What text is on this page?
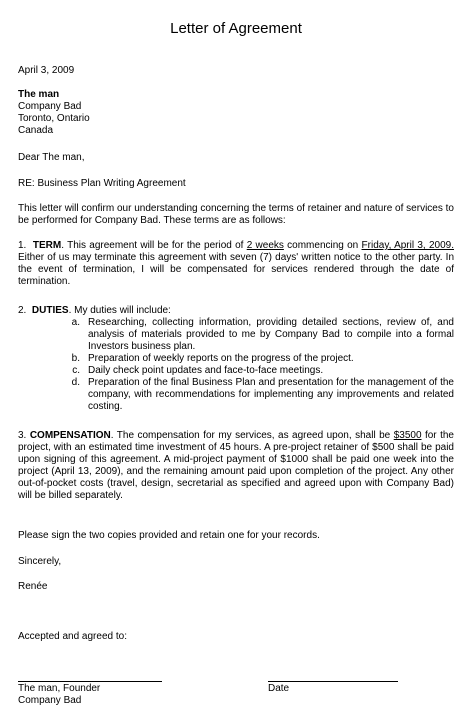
Letter of Agreement

April 3, 2009

The man

Company Bad

Toronto, Ontario

Canada

Dear The man,

RE: Business Plan Writing Agreement

This letter will confirm our understanding concerning the terms of retainer and nature of services to be performed for Company Bad. These terms are as follows:

1. TERM. This agreement will be for the period of 2 weeks commencing on Friday, April 3, 2009. Either of us may terminate this agreement with seven (7) days' written notice to the other party. In the event of termination, I will be compensated for services rendered through the date of termination.

2. DUTIES. My duties will include:

a. Researching, collecting information, providing detailed sections, review of, and analysis of materials provided to me by Company Bad to compile into a formal Investors business plan.
b. Preparation of weekly reports on the progress of the project.
c. Daily check point updates and face-to-face meetings.
d. Preparation of the final Business Plan and presentation for the management of the company, with recommendations for implementing any improvements and related costing.

3. COMPENSATION. The compensation for my services, as agreed upon, shall be $3500 for the project, with an estimated time investment of 45 hours. A pre-project retainer of $500 shall be paid upon signing of this agreement. A mid-project payment of $1000 shall be paid one week into the project (April 13, 2009), and the remaining amount paid upon completion of the project. Any other out-of-pocket costs (travel, design, secretarial as specified and agreed upon with Company Bad) will be billed separately.

Please sign the two copies provided and retain one for your records.

Sincerely,

Renée

Accepted and agreed to:

The man, Founder

Company Bad

Date
